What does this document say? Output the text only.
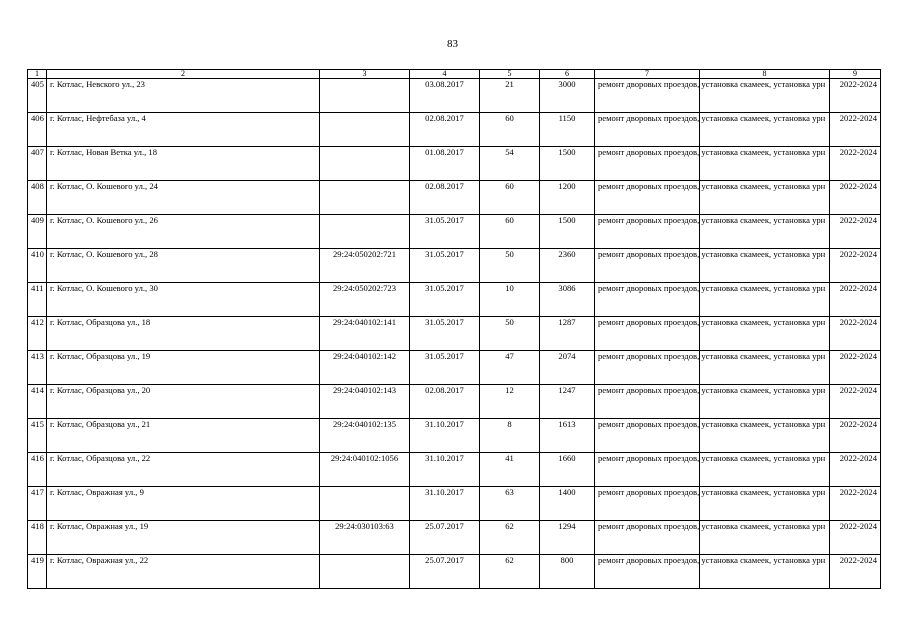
83
1	2	3	4	5	6	7	8	9
405	г. Котлас, Невского ул., 23		03.08.2017	21	3000	ремонт дворовых проездов, установка скамеек, установка урн		2022-2024
406	г. Котлас, Нефтебаза ул., 4		02.08.2017	60	1150	ремонт дворовых проездов, установка скамеек, установка урн		2022-2024
407	г. Котлас, Новая Ветка ул., 18		01.08.2017	54	1500	ремонт дворовых проездов, установка скамеек, установка урн		2022-2024
408	г. Котлас, О. Кошевого ул., 24		02.08.2017	60	1200	ремонт дворовых проездов, установка скамеек, установка урн		2022-2024
409	г. Котлас, О. Кошевого ул., 26		31.05.2017	60	1500	ремонт дворовых проездов, установка скамеек, установка урн		2022-2024
410	г. Котлас, О. Кошевого ул., 28	29:24:050202:721	31.05.2017	50	2360	ремонт дворовых проездов, установка скамеек, установка урн		2022-2024
411	г. Котлас, О. Кошевого ул., 30	29:24:050202:723	31.05.2017	10	3086	ремонт дворовых проездов, установка скамеек, установка урн		2022-2024
412	г. Котлас, Образцова ул., 18	29:24:040102:141	31.05.2017	50	1287	ремонт дворовых проездов, установка скамеек, установка урн		2022-2024
413	г. Котлас, Образцова ул., 19	29:24:040102:142	31.05.2017	47	2074	ремонт дворовых проездов, установка скамеек, установка урн		2022-2024
414	г. Котлас, Образцова ул., 20	29:24:040102:143	02.08.2017	12	1247	ремонт дворовых проездов, установка скамеек, установка урн		2022-2024
415	г. Котлас, Образцова ул., 21	29:24:040102:135	31.10.2017	8	1613	ремонт дворовых проездов, установка скамеек, установка урн		2022-2024
416	г. Котлас, Образцова ул., 22	29:24:040102:1056	31.10.2017	41	1660	ремонт дворовых проездов, установка скамеек, установка урн		2022-2024
417	г. Котлас, Овражная ул., 9		31.10.2017	63	1400	ремонт дворовых проездов, установка скамеек, установка урн		2022-2024
418	г. Котлас, Овражная ул., 19	29:24:030103:63	25.07.2017	62	1294	ремонт дворовых проездов, установка скамеек, установка урн		2022-2024
419	г. Котлас, Овражная ул., 22		25.07.2017	62	800	ремонт дворовых проездов, установка скамеек, установка урн		2022-2024
